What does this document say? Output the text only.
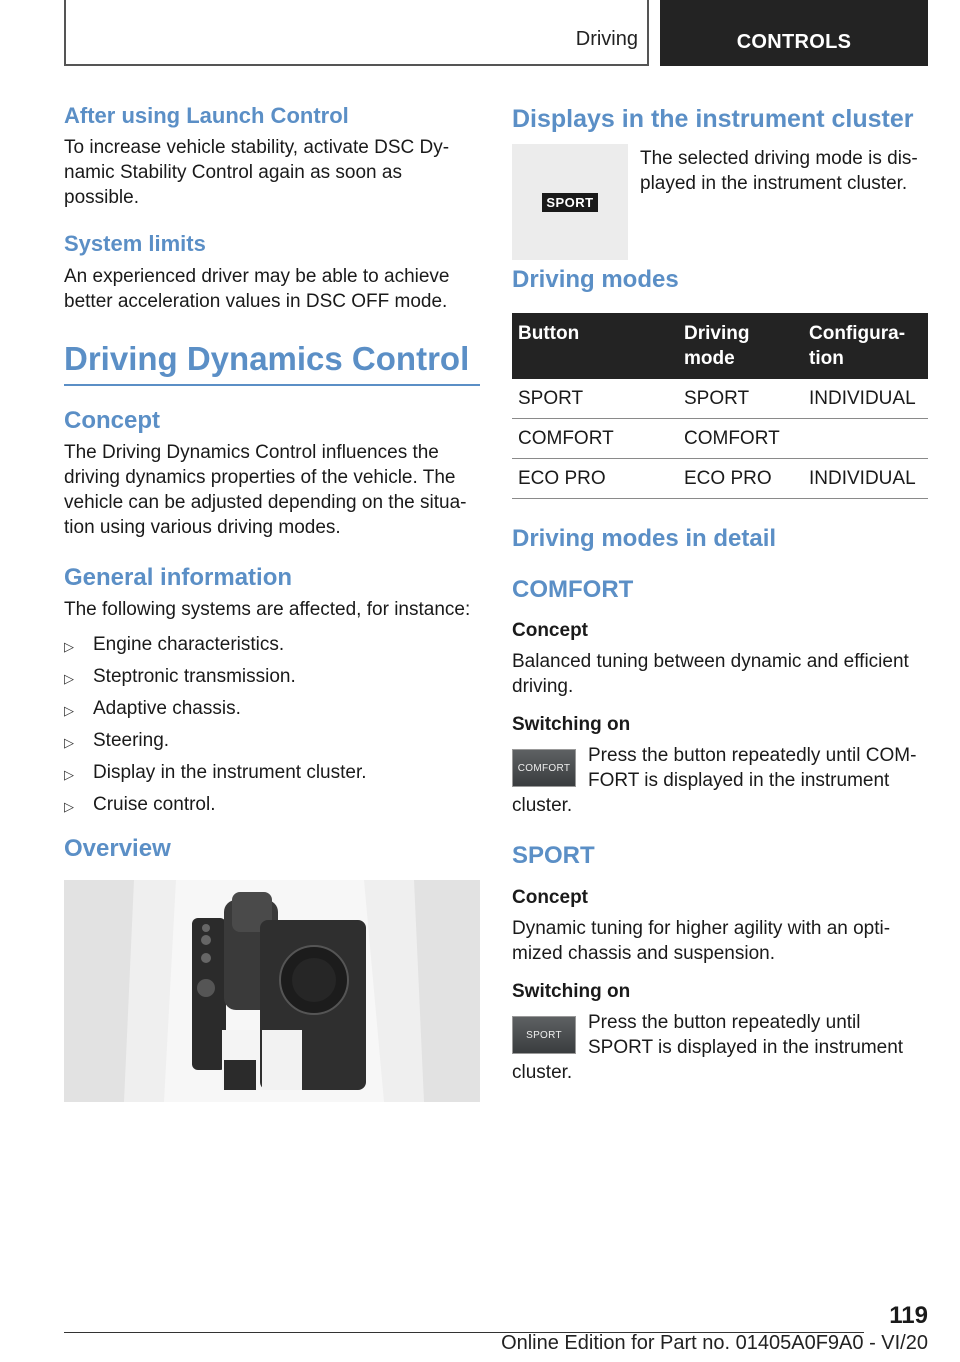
Driving	CONTROLS
After using Launch Control
To increase vehicle stability, activate DSC Dynamic Stability Control again as soon as possible.
System limits
An experienced driver may be able to achieve better acceleration values in DSC OFF mode.
Driving Dynamics Control
Concept
The Driving Dynamics Control influences the driving dynamics properties of the vehicle. The vehicle can be adjusted depending on the situation using various driving modes.
General information
The following systems are affected, for instance:
▷ Engine characteristics.
▷ Steptronic transmission.
▷ Adaptive chassis.
▷ Steering.
▷ Display in the instrument cluster.
▷ Cruise control.
Overview
Displays in the instrument cluster
SPORT
The selected driving mode is displayed in the instrument cluster.
Driving modes
Button	Driving mode	Configuration
SPORT	SPORT	INDIVIDUAL
COMFORT	COMFORT	
ECO PRO	ECO PRO	INDIVIDUAL
Driving modes in detail
COMFORT
Concept
Balanced tuning between dynamic and efficient driving.
Switching on
COMFORT
Press the button repeatedly until COMFORT is displayed in the instrument cluster.
SPORT
Concept
Dynamic tuning for higher agility with an optimized chassis and suspension.
Switching on
SPORT
Press the button repeatedly until SPORT is displayed in the instrument cluster.
119
Online Edition for Part no. 01405A0F9A0 - VI/20
